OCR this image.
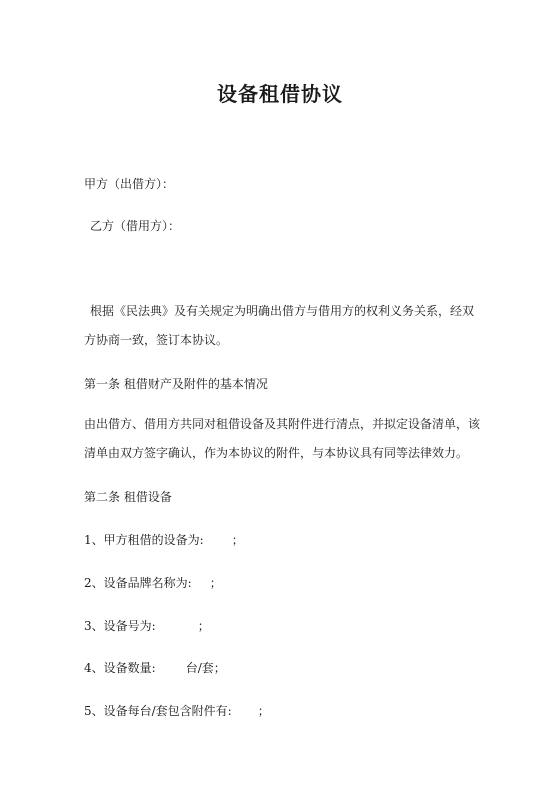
设备租借协议
甲方（出借方）：
乙方（借用方）：
根据《民法典》及有关规定为明确出借方与借用方的权利义务关系，经双方协商一致，签订本协议。
第一条 租借财产及附件的基本情况
由出借方、借用方共同对租借设备及其附件进行清点，并拟定设备清单，该清单由双方签字确认，作为本协议的附件，与本协议具有同等法律效力。
第二条 租借设备
1、甲方租借的设备为: ；
2、设备品牌名称为: ；
3、设备号为:	；
4、设备数量:	台/套；
5、设备每台/套包含附件有: ；
